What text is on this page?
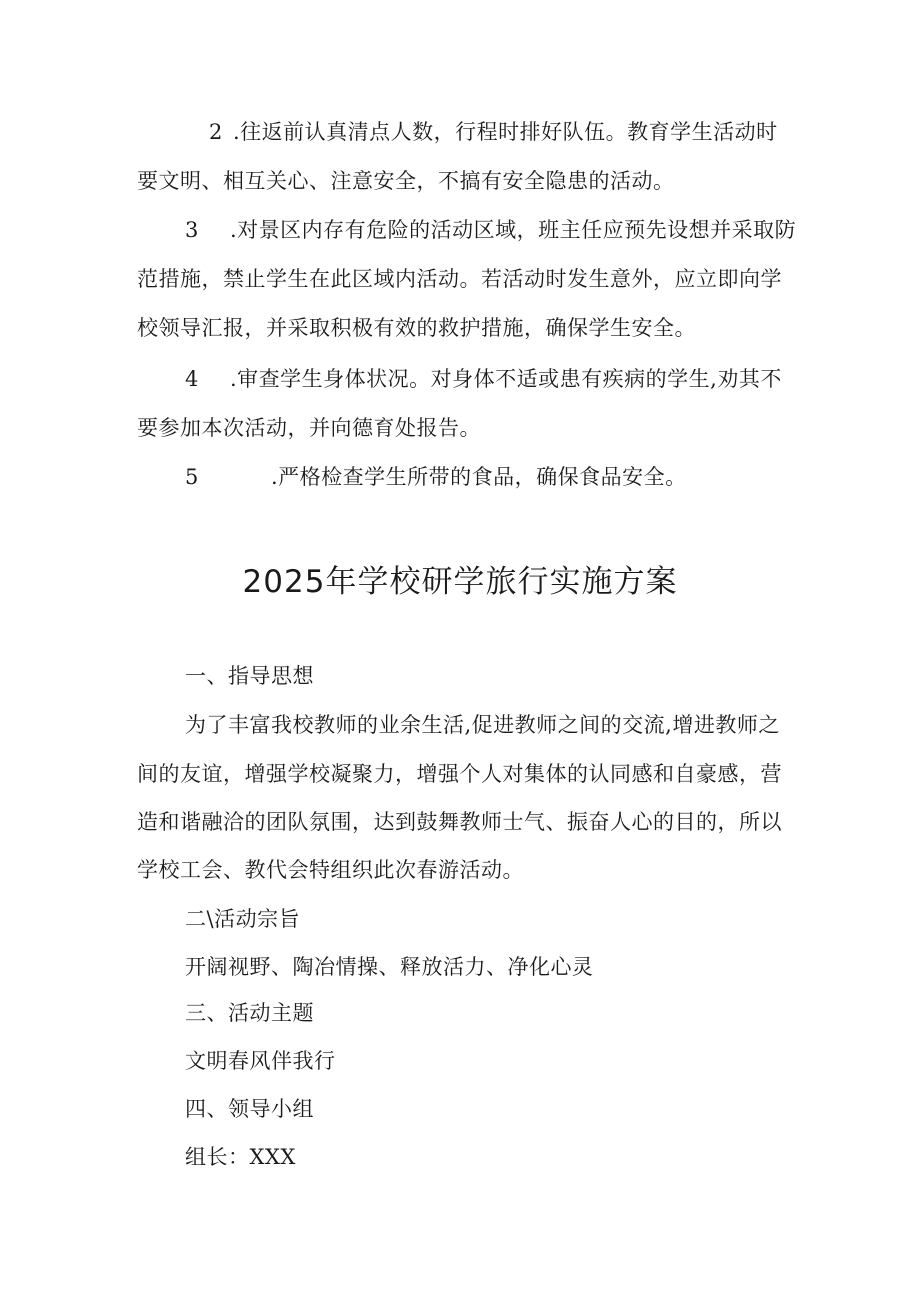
2 .往返前认真清点人数，行程时排好队伍。教育学生活动时
要文明、相互关心、注意安全，不搞有安全隐患的活动。
3 .对景区内存有危险的活动区域，班主任应预先设想并采取防
范措施，禁止学生在此区域内活动。若活动时发生意外，应立即向学
校领导汇报，并采取积极有效的救护措施，确保学生安全。
4 .审查学生身体状况。对身体不适或患有疾病的学生,劝其不
要参加本次活动，并向德育处报告。
5	.严格检查学生所带的食品，确保食品安全。
2025年学校研学旅行实施方案
一、指导思想
为了丰富我校教师的业余生活,促进教师之间的交流,增进教师之
间的友谊，增强学校凝聚力，增强个人对集体的认同感和自豪感，营
造和谐融洽的团队氛围，达到鼓舞教师士气、振奋人心的目的，所以
学校工会、教代会特组织此次春游活动。
二\活动宗旨
开阔视野、陶冶情操、释放活力、净化心灵
三、活动主题
文明春风伴我行
四、领导小组
组长：XXX
